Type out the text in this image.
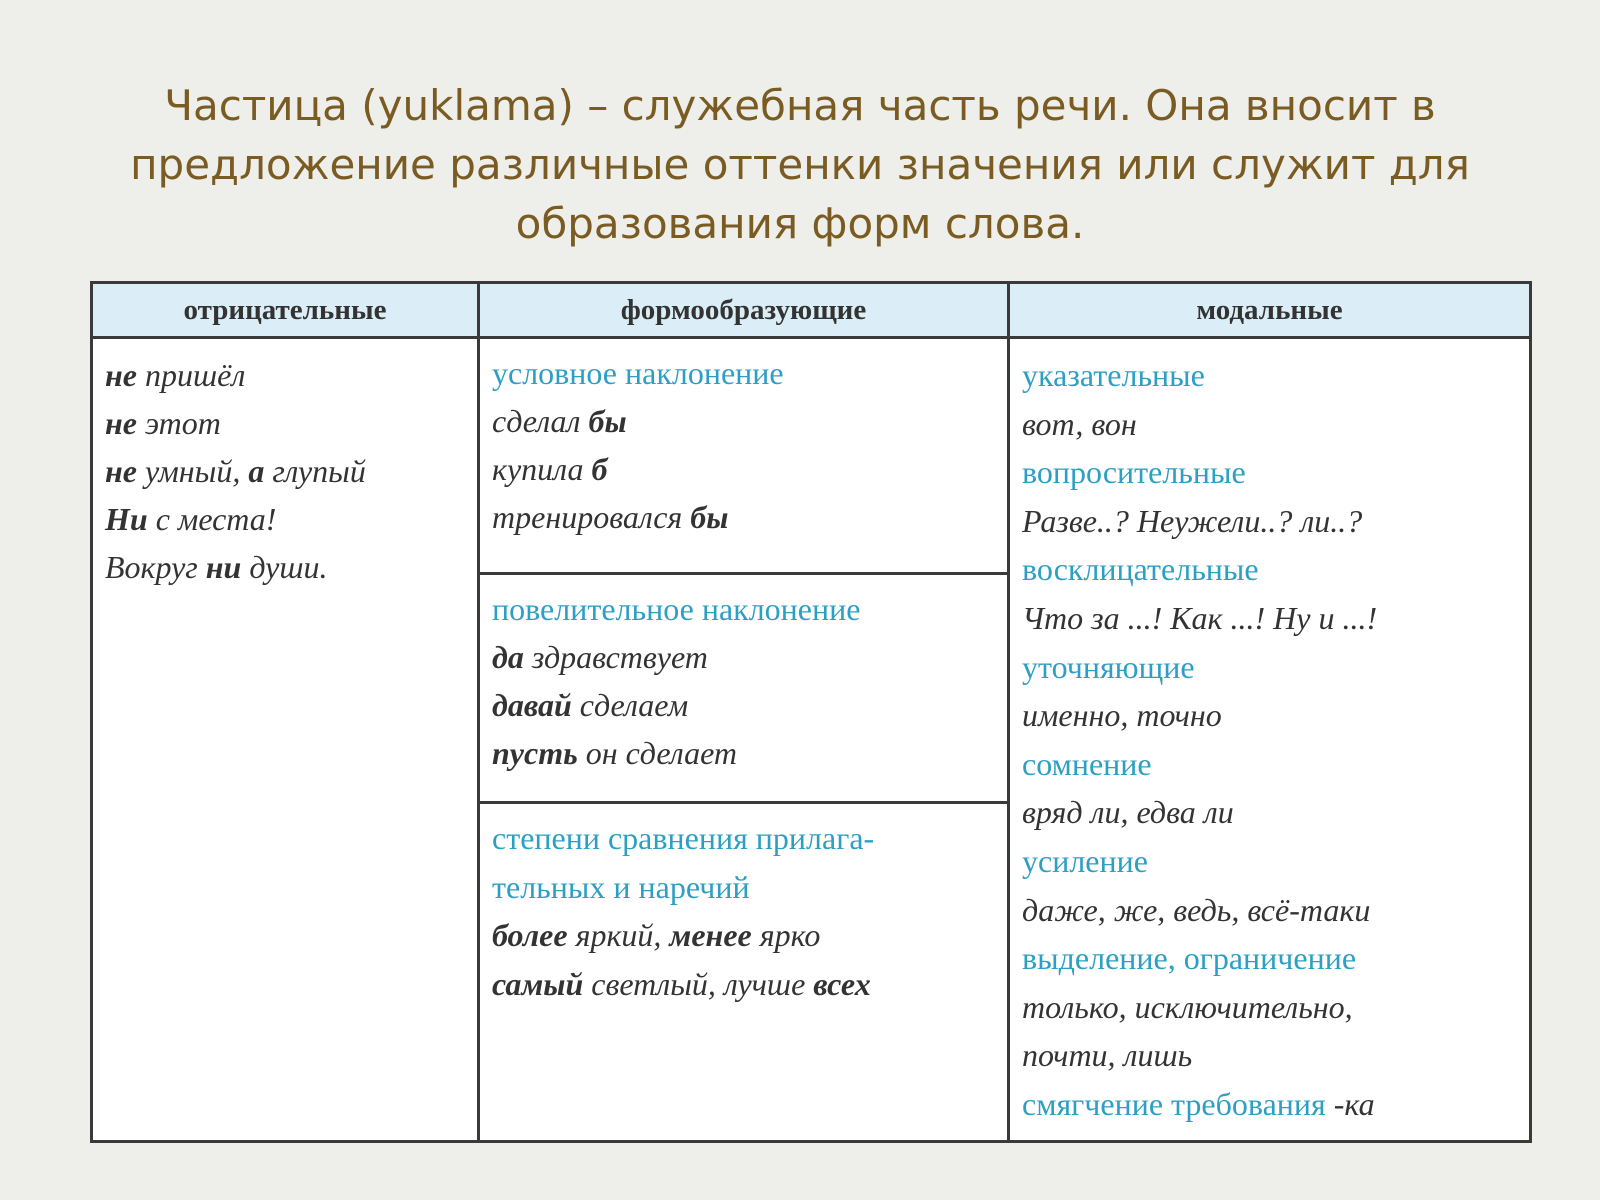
Частица (yuklama) – служебная часть речи. Она вносит в предложение различные оттенки значения или служит для образования форм слова.
отрицательные
не пришёл
не этот
не умный, а глупый
Ни с места!
Вокруг ни души.
формообразующие
условное наклонение
сделал бы
купила б
тренировался бы
повелительное наклонение
да здравствует
давай сделаем
пусть он сделает
степени сравнения прилага-
тельных и наречий
более яркий, менее ярко
самый светлый, лучше всех
модальные
указательные
вот, вон
вопросительные
Разве..? Неужели..? ли..?
восклицательные
Что за ...! Как ...! Ну и ...!
уточняющие
именно, точно
сомнение
вряд ли, едва ли
усиление
даже, же, ведь, всё-таки
выделение, ограничение
только, исключительно,
почти, лишь
смягчение требования -ка
